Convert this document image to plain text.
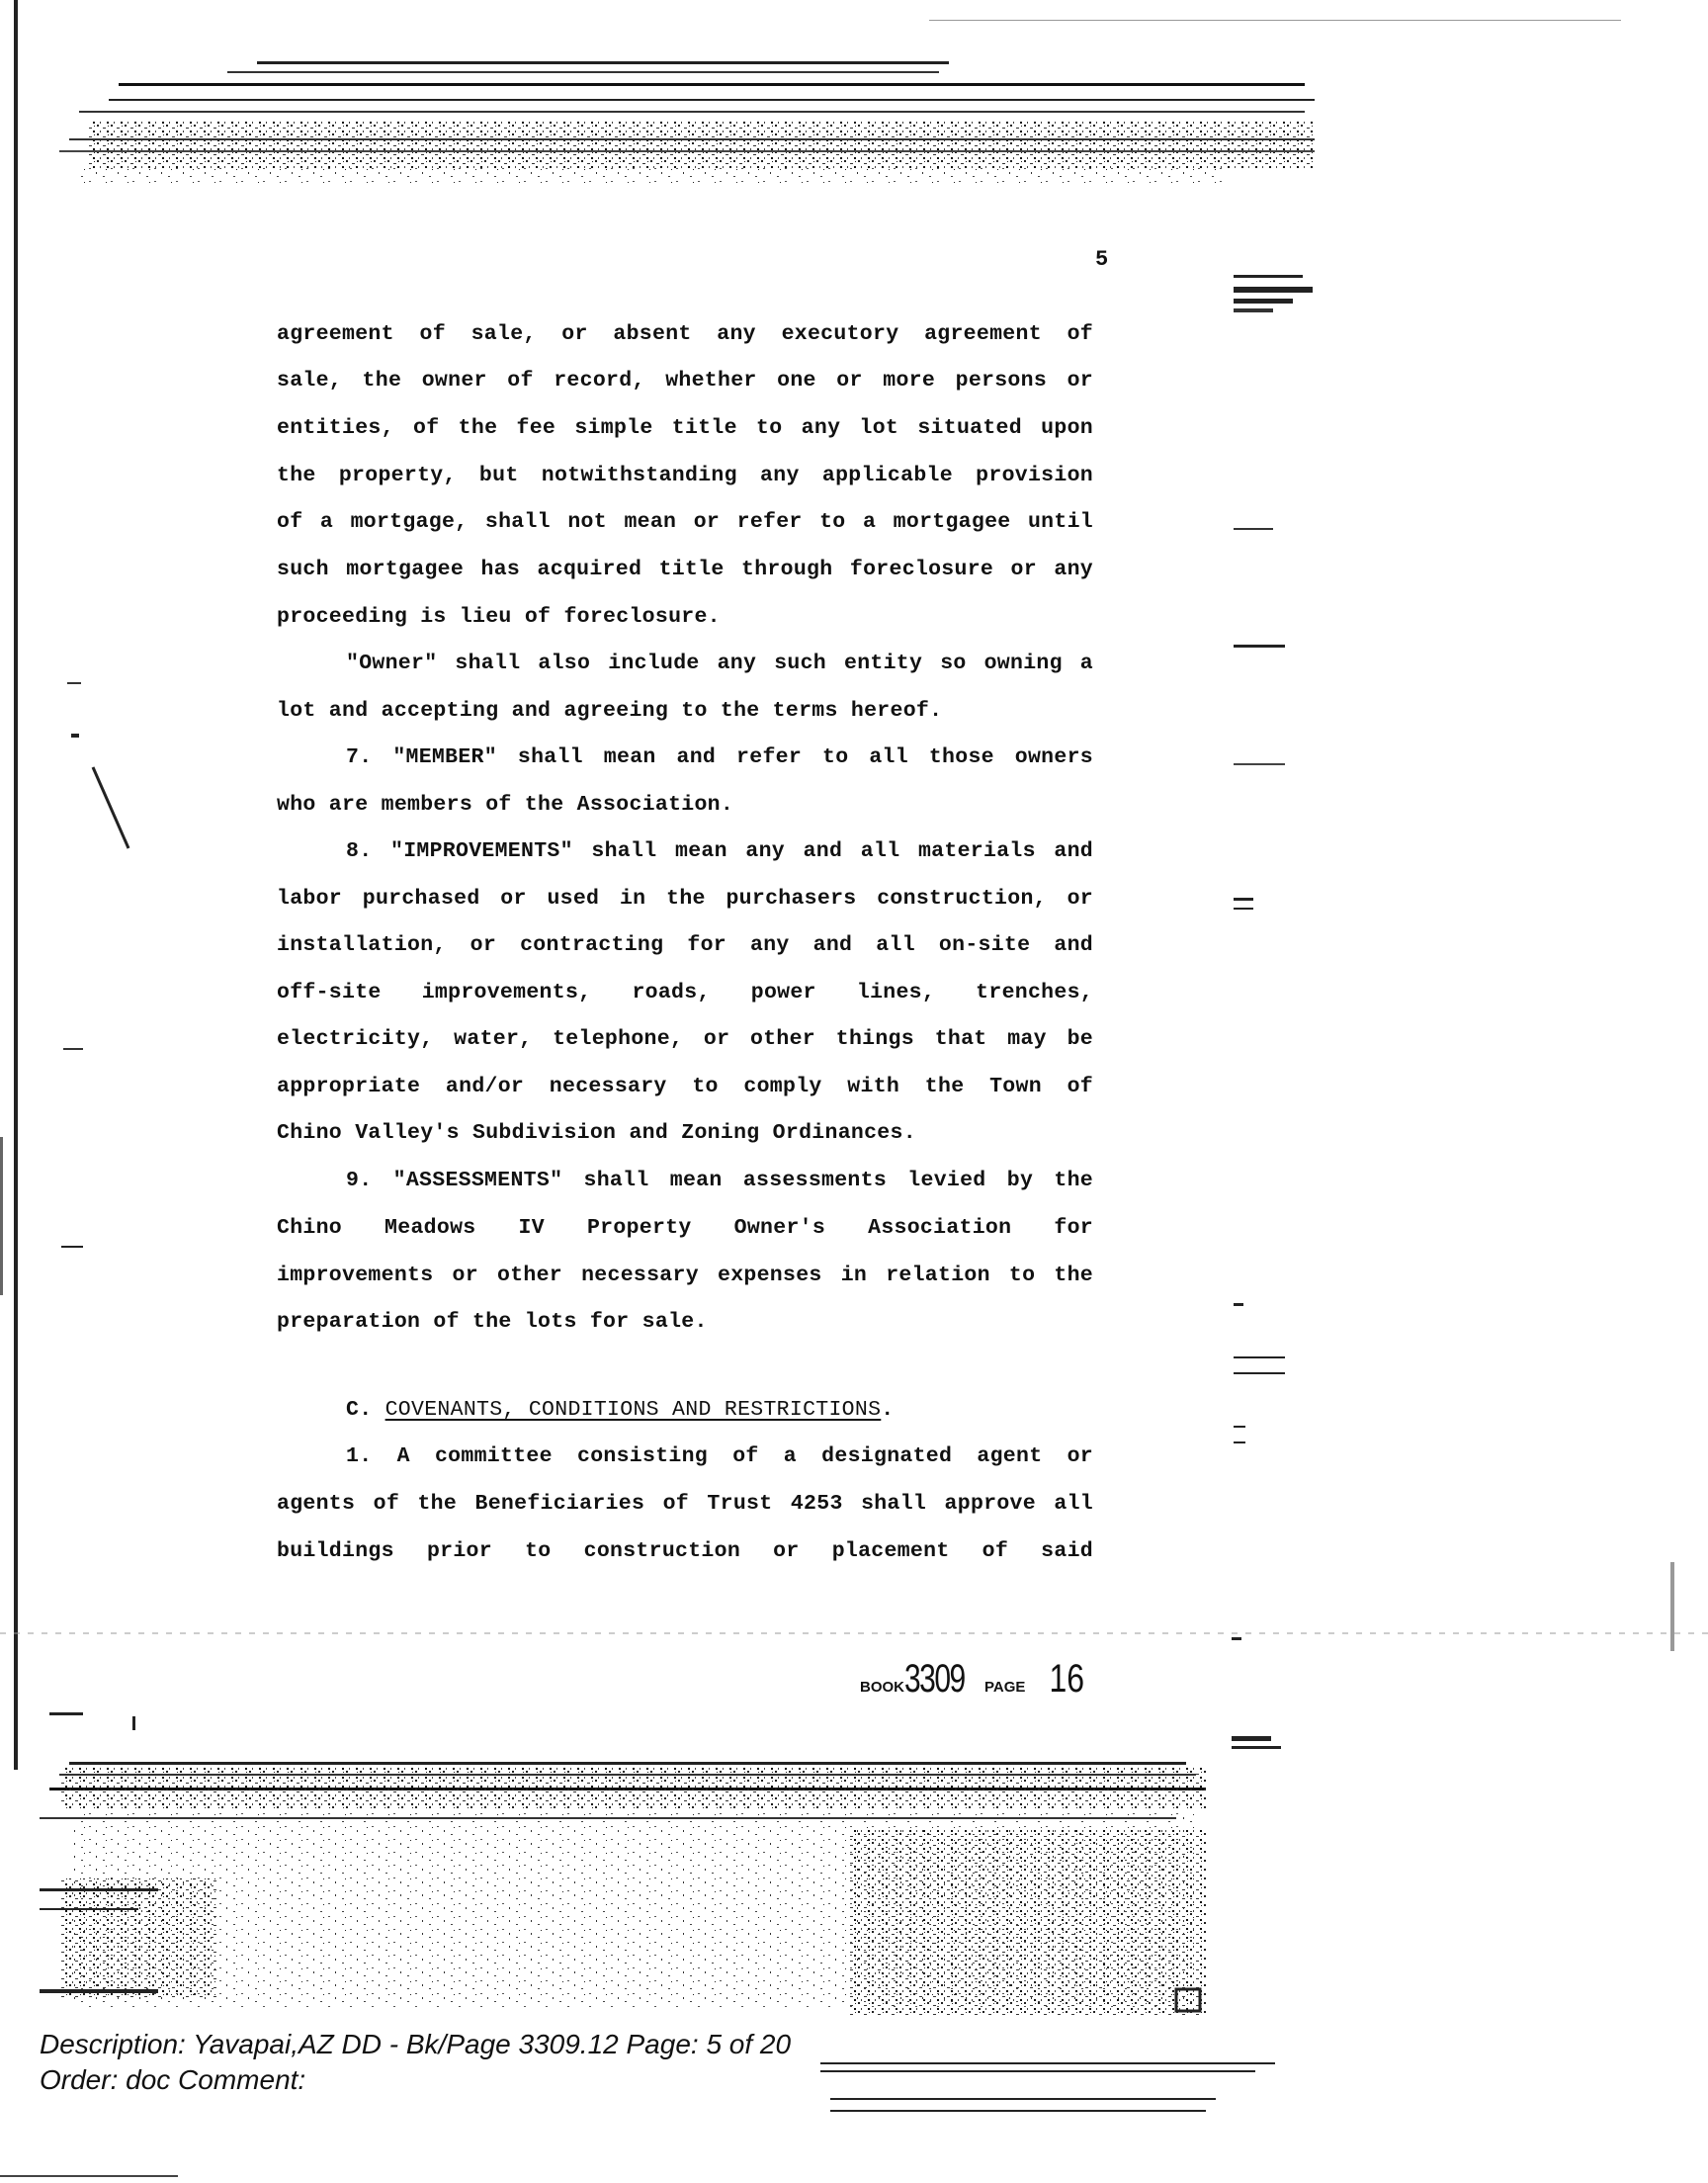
5
agreement of sale, or absent any executory agreement of
sale, the owner of record, whether one or more persons or
entities, of the fee simple title to any lot situated upon
the property, but notwithstanding any applicable provision
of a mortgage, shall not mean or refer to a mortgagee until
such mortgagee has acquired title through foreclosure or any
proceeding is lieu of foreclosure.
"Owner" shall also include any such entity so owning a
lot and accepting and agreeing to the terms hereof.
7. "MEMBER" shall mean and refer to all those owners
who are members of the Association.
8. "IMPROVEMENTS" shall mean any and all materials and
labor purchased or used in the purchasers construction, or
installation, or contracting for any and all on-site and
off-site improvements, roads, power lines, trenches,
electricity, water, telephone, or other things that may be
appropriate and/or necessary to comply with the Town of
Chino Valley's Subdivision and Zoning Ordinances.
9. "ASSESSMENTS" shall mean assessments levied by the
Chino Meadows IV Property Owner's Association for
improvements or other necessary expenses in relation to the
preparation of the lots for sale.
C. COVENANTS, CONDITIONS AND RESTRICTIONS.
1. A committee consisting of a designated agent or
agents of the Beneficiaries of Trust 4253 shall approve all
buildings prior to construction or placement of said
BOOK3309 PAGE 16
Description: Yavapai,AZ DD - Bk/Page 3309.12 Page: 5 of 20
Order: doc Comment:
